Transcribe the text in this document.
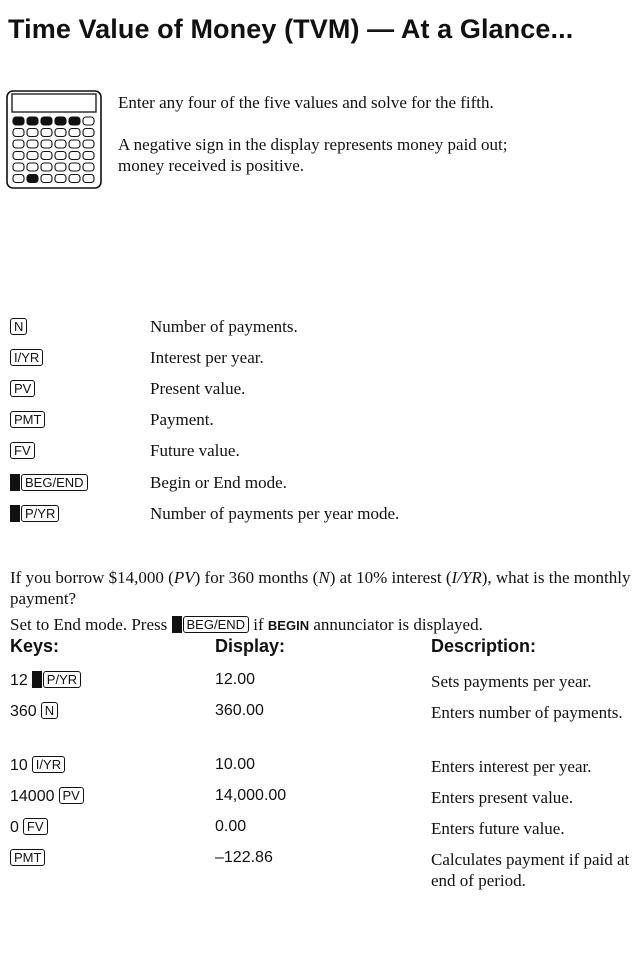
Time Value of Money (TVM) — At a Glance...
Enter any four of the five values and solve for the fifth.
A negative sign in the display represents money paid out; money received is positive.
N	Number of payments.
I/YR	Interest per year.
PV	Present value.
PMT	Payment.
FV	Future value.
BEG/END	Begin or End mode.
P/YR	Number of payments per year mode.
If you borrow $14,000 (PV) for 360 months (N) at 10% interest (I/YR), what is the monthly payment?
Set to End mode. Press BEG/END if BEGIN annunciator is displayed.
Keys:	Display:	Description:
12 P/YR	12.00	Sets payments per year.
360 N	360.00	Enters number of payments.
10 I/YR	10.00	Enters interest per year.
14000 PV	14,000.00	Enters present value.
0 FV	0.00	Enters future value.
PMT	–122.86	Calculates payment if paid at end of period.
